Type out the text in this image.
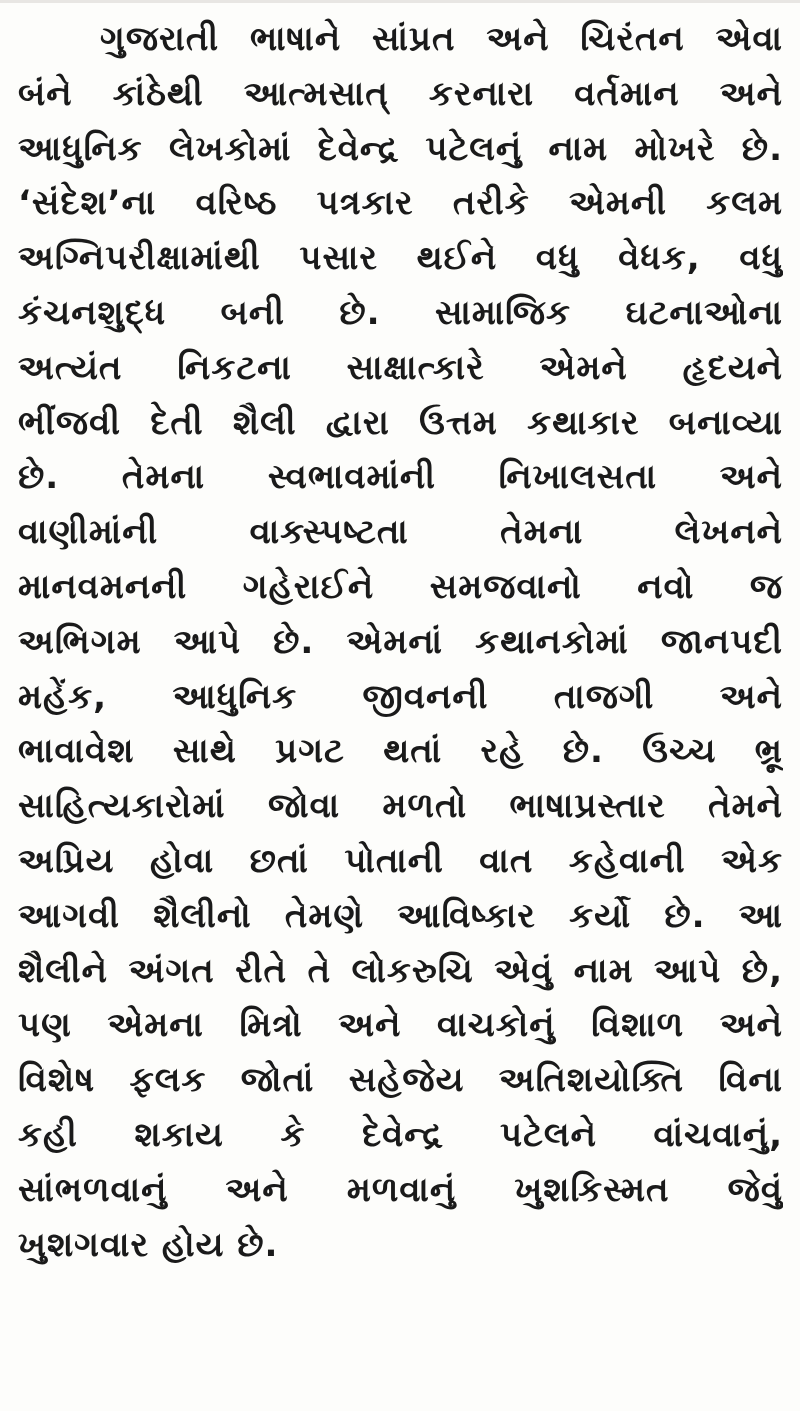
ગુજરાતી ભાષાને સાંપ્રત અને ચિરંતન એવા
બંને કાંઠેથી આત્મસાત્ કરનારા વર્તમાન અને
આધુનિક લેખકોમાં દેવેન્દ્ર પટેલનું નામ મોખરે છે.
‘સંદેશ’ના વરિષ્ઠ પત્રકાર તરીકે એમની કલમ
અગ્નિપરીક્ષામાંથી પસાર થઈને વધુ વેધક, વધુ
કંચનશુદ્ધ બની છે. સામાજિક ઘટનાઓના
અત્યંત નિકટના સાક્ષાત્કારે એમને હૃદયને
ભીંજવી દેતી શૈલી દ્વારા ઉત્તમ કથાકાર બનાવ્યા
છે. તેમના સ્વભાવમાંની નિખાલસતા અને
વાણીમાંની વાક્સ્પષ્ટતા તેમના લેખનને
માનવમનની ગહેરાઈને સમજવાનો નવો જ
અભિગમ આપે છે. એમનાં કથાનકોમાં જાનપદી
મહેંક, આધુનિક જીવનની તાજગી અને
ભાવાવેશ સાથે પ્રગટ થતાં રહે છે. ઉચ્ચ ભ્રૂ
સાહિત્યકારોમાં જોવા મળતો ભાષાપ્રસ્તાર તેમને
અપ્રિય હોવા છતાં પોતાની વાત કહેવાની એક
આગવી શૈલીનો તેમણે આવિષ્કાર કર્યો છે. આ
શૈલીને અંગત રીતે તે લોકરુચિ એવું નામ આપે છે,
પણ એમના મિત્રો અને વાચકોનું વિશાળ અને
વિશેષ ફલક જોતાં સહેજેય અતિશયોક્તિ વિના
કહી શકાય કે દેવેન્દ્ર પટેલને વાંચવાનું,
સાંભળવાનું અને મળવાનું ખુશકિસ્મત જેવું
ખુશગવાર હોય છે.
